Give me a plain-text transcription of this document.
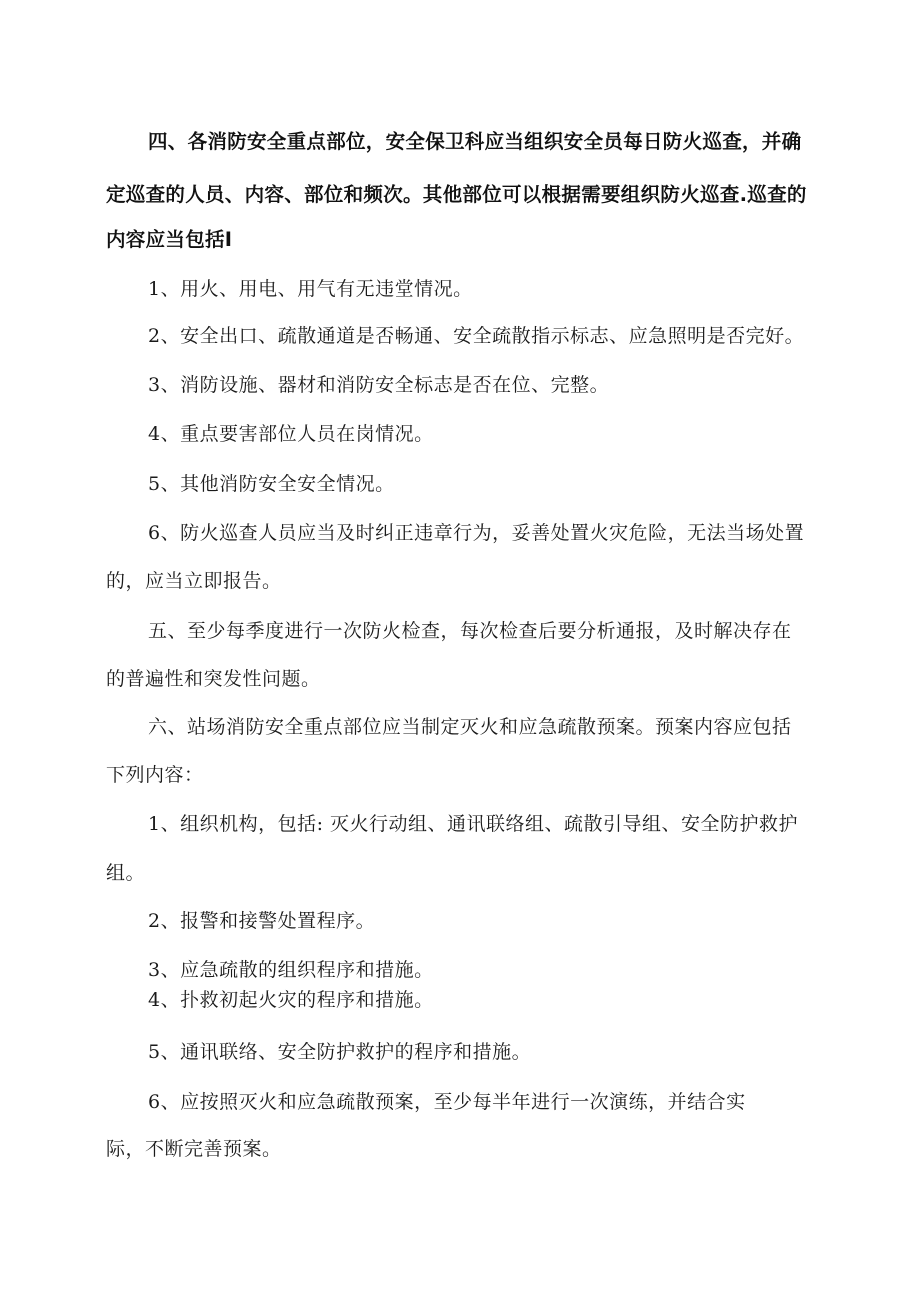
四、各消防安全重点部位，安全保卫科应当组织安全员每日防火巡查，并确
定巡查的人员、内容、部位和频次。其他部位可以根据需要组织防火巡查.巡查的
内容应当包括I
1、用火、用电、用气有无违堂情况。
2、安全出口、疏散通道是否畅通、安全疏散指示标志、应急照明是否完好。
3、消防设施、器材和消防安全标志是否在位、完整。
4、重点要害部位人员在岗情况。
5、其他消防安全安全情况。
6、防火巡查人员应当及时纠正违章行为，妥善处置火灾危险，无法当场处置
的，应当立即报告。
五、至少每季度进行一次防火检查，每次检查后要分析通报，及时解决存在
的普遍性和突发性问题。
六、站场消防安全重点部位应当制定灭火和应急疏散预案。预案内容应包括
下列内容：
1、组织机构，包括: 灭火行动组、通讯联络组、疏散引导组、安全防护救护
组。
2、报警和接警处置程序。
3、应急疏散的组织程序和措施。
4、扑救初起火灾的程序和措施。
5、通讯联络、安全防护救护的程序和措施。
6、应按照灭火和应急疏散预案，至少每半年进行一次演练，并结合实
际，不断完善预案。
